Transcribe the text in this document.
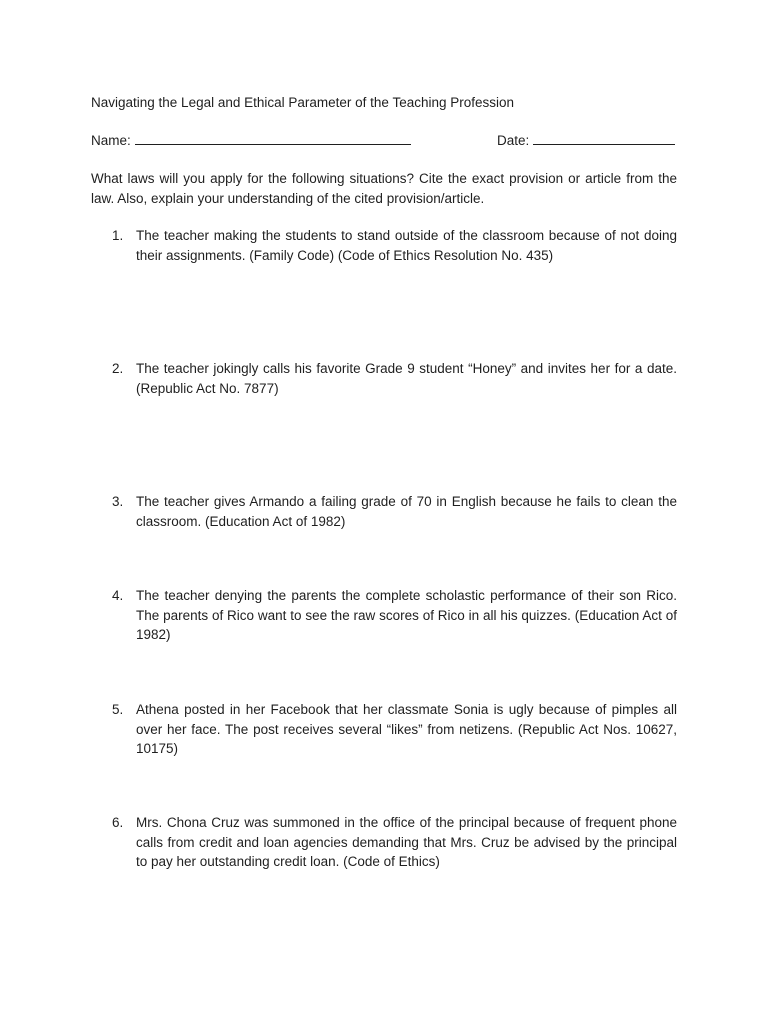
Navigating the Legal and Ethical Parameter of the Teaching Profession
Name:	Date:
What laws will you apply for the following situations? Cite the exact provision or article from the law. Also, explain your understanding of the cited provision/article.
1. The teacher making the students to stand outside of the classroom because of not doing their assignments. (Family Code) (Code of Ethics Resolution No. 435)
2. The teacher jokingly calls his favorite Grade 9 student “Honey” and invites her for a date. (Republic Act No. 7877)
3. The teacher gives Armando a failing grade of 70 in English because he fails to clean the classroom. (Education Act of 1982)
4. The teacher denying the parents the complete scholastic performance of their son Rico. The parents of Rico want to see the raw scores of Rico in all his quizzes. (Education Act of 1982)
5. Athena posted in her Facebook that her classmate Sonia is ugly because of pimples all over her face. The post receives several “likes” from netizens. (Republic Act Nos. 10627, 10175)
6. Mrs. Chona Cruz was summoned in the office of the principal because of frequent phone calls from credit and loan agencies demanding that Mrs. Cruz be advised by the principal to pay her outstanding credit loan. (Code of Ethics)
